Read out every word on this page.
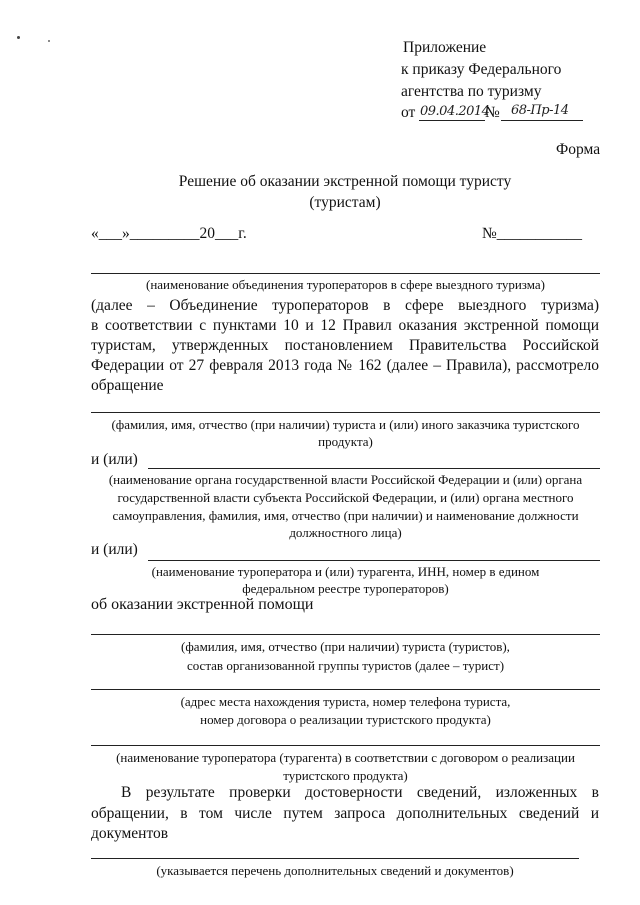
Приложение
к приказу Федерального
агентства по туризму
от 09.04.2014
№ 68-Пр-14
Форма
Решение об оказании экстренной помощи туристу
(туристам)
«___»_________20___г.	№___________
(наименование объединения туроператоров в сфере выездного туризма)
(далее – Объединение туроператоров в сфере выездного туризма)
в соответствии с пунктами 10 и 12 Правил оказания экстренной помощи
туристам, утвержденных постановлением Правительства Российской
Федерации от 27 февраля 2013 года № 162 (далее – Правила), рассмотрело
обращение
(фамилия, имя, отчество (при наличии) туриста и (или) иного заказчика туристского
продукта)
и (или)
(наименование органа государственной власти Российской Федерации и (или) органа
государственной власти субъекта Российской Федерации, и (или) органа местного
самоуправления, фамилия, имя, отчество (при наличии) и наименование должности
должностного лица)
и (или)
(наименование туроператора и (или) турагента, ИНН, номер в едином
федеральном реестре туроператоров)
об оказании экстренной помощи
(фамилия, имя, отчество (при наличии) туриста (туристов),
состав организованной группы туристов (далее – турист)
(адрес места нахождения туриста, номер телефона туриста,
номер договора о реализации туристского продукта)
(наименование туроператора (турагента) в соответствии с договором о реализации
туристского продукта)
В результате проверки достоверности сведений, изложенных в
обращении, в том числе путем запроса дополнительных сведений и
документов
(указывается перечень дополнительных сведений и документов)
